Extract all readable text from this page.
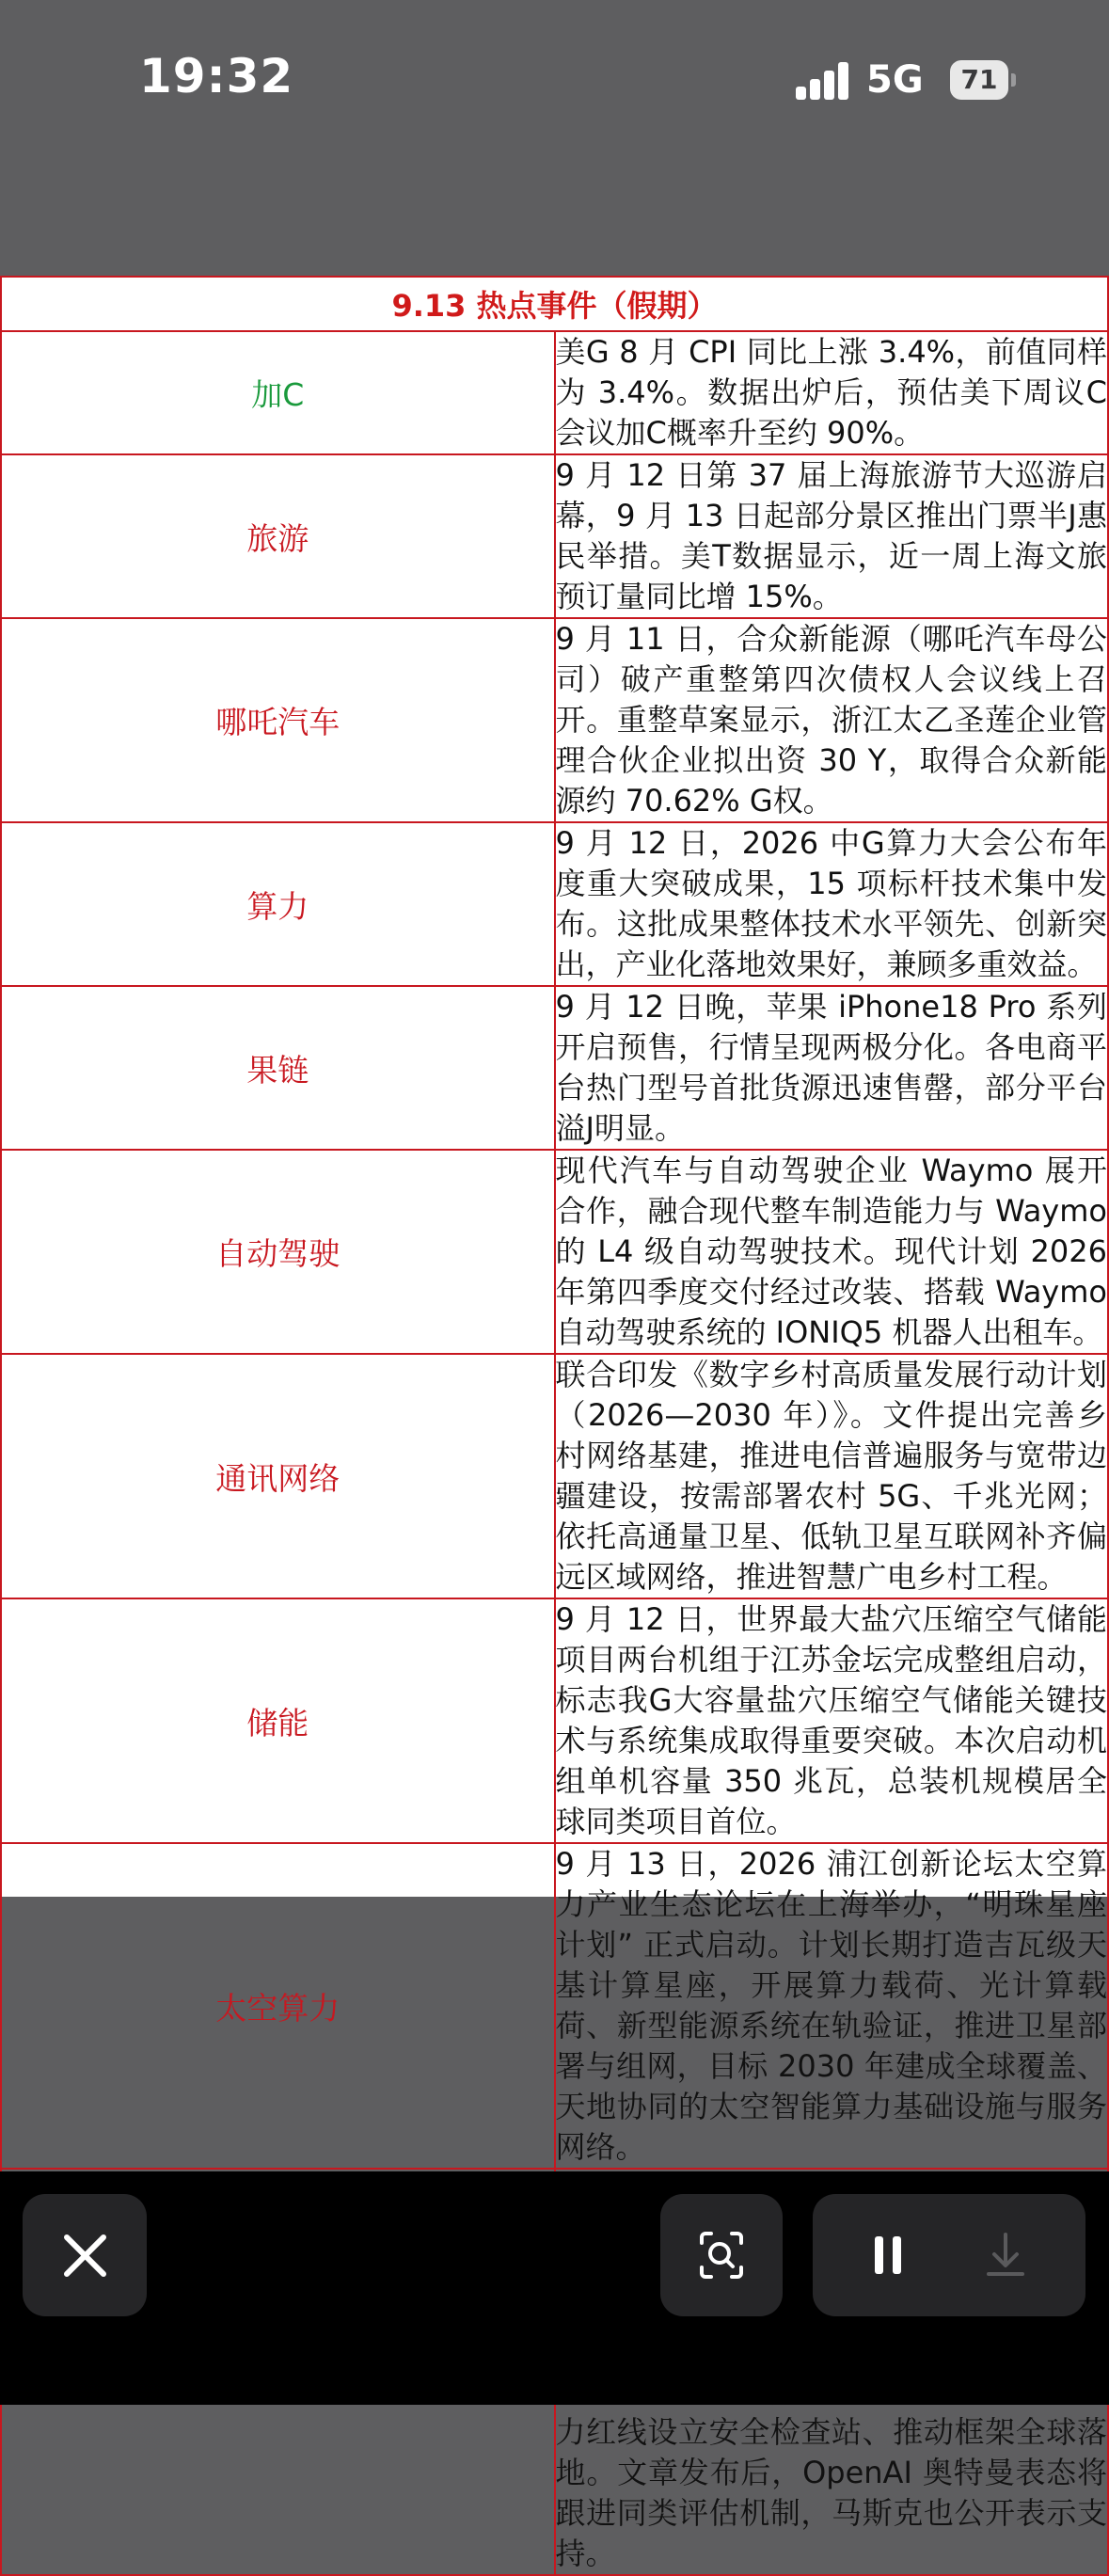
19:32	5G	71
9.13 热点事件（假期）	
加C	美G 8 月 CPI 同比上涨 3.4%，前值同样为 3.4%。数据出炉后，预估美下周议C会议加C概率升至约 90%。
旅游	9 月 12 日第 37 届上海旅游节大巡游启幕，9 月 13 日起部分景区推出门票半J惠民举措。美T数据显示，近一周上海文旅预订量同比增 15%。
哪吒汽车	9 月 11 日，合众新能源（哪吒汽车母公司）破产重整第四次债权人会议线上召开。重整草案显示，浙江太乙圣莲企业管理合伙企业拟出资 30 Y，取得合众新能源约 70.62% G权。
算力	9 月 12 日，2026 中G算力大会公布年度重大突破成果，15 项标杆技术集中发布。这批成果整体技术水平领先、创新突出，产业化落地效果好，兼顾多重效益。
果链	9 月 12 日晚，苹果 iPhone18 Pro 系列开启预售，行情呈现两极分化。各电商平台热门型号首批货源迅速售罄，部分平台溢J明显。
自动驾驶	现代汽车与自动驾驶企业 Waymo 展开合作，融合现代整车制造能力与 Waymo 的 L4 级自动驾驶技术。现代计划 2026 年第四季度交付经过改装、搭载 Waymo 自动驾驶系统的 IONIQ5 机器人出租车。
通讯网络	联合印发《数字乡村高质量发展行动计划（2026—2030 年）》。文件提出完善乡村网络基建，推进电信普遍服务与宽带边疆建设，按需部署农村 5G、千兆光网；依托高通量卫星、低轨卫星互联网补齐偏远区域网络，推进智慧广电乡村工程。
储能	9 月 12 日，世界最大盐穴压缩空气储能项目两台机组于江苏金坛完成整组启动，标志我G大容量盐穴压缩空气储能关键技术与系统集成取得重要突破。本次启动机组单机容量 350 兆瓦，总装机规模居全球同类项目首位。
太空算力	9 月 13 日，2026 浦江创新论坛太空算力产业生态论坛在上海举办，“明珠星座计划” 正式启动。计划长期打造吉瓦级天基计算星座，开展算力载荷、光计算载荷、新型能源系统在轨验证，推进卫星部署与组网，目标 2030 年建成全球覆盖、天地协同的太空智能算力基础设施与服务网络。
	力红线设立安全检查站、推动框架全球落地。文章发布后，OpenAI 奥特曼表态将跟进同类评估机制，马斯克也公开表示支持。
